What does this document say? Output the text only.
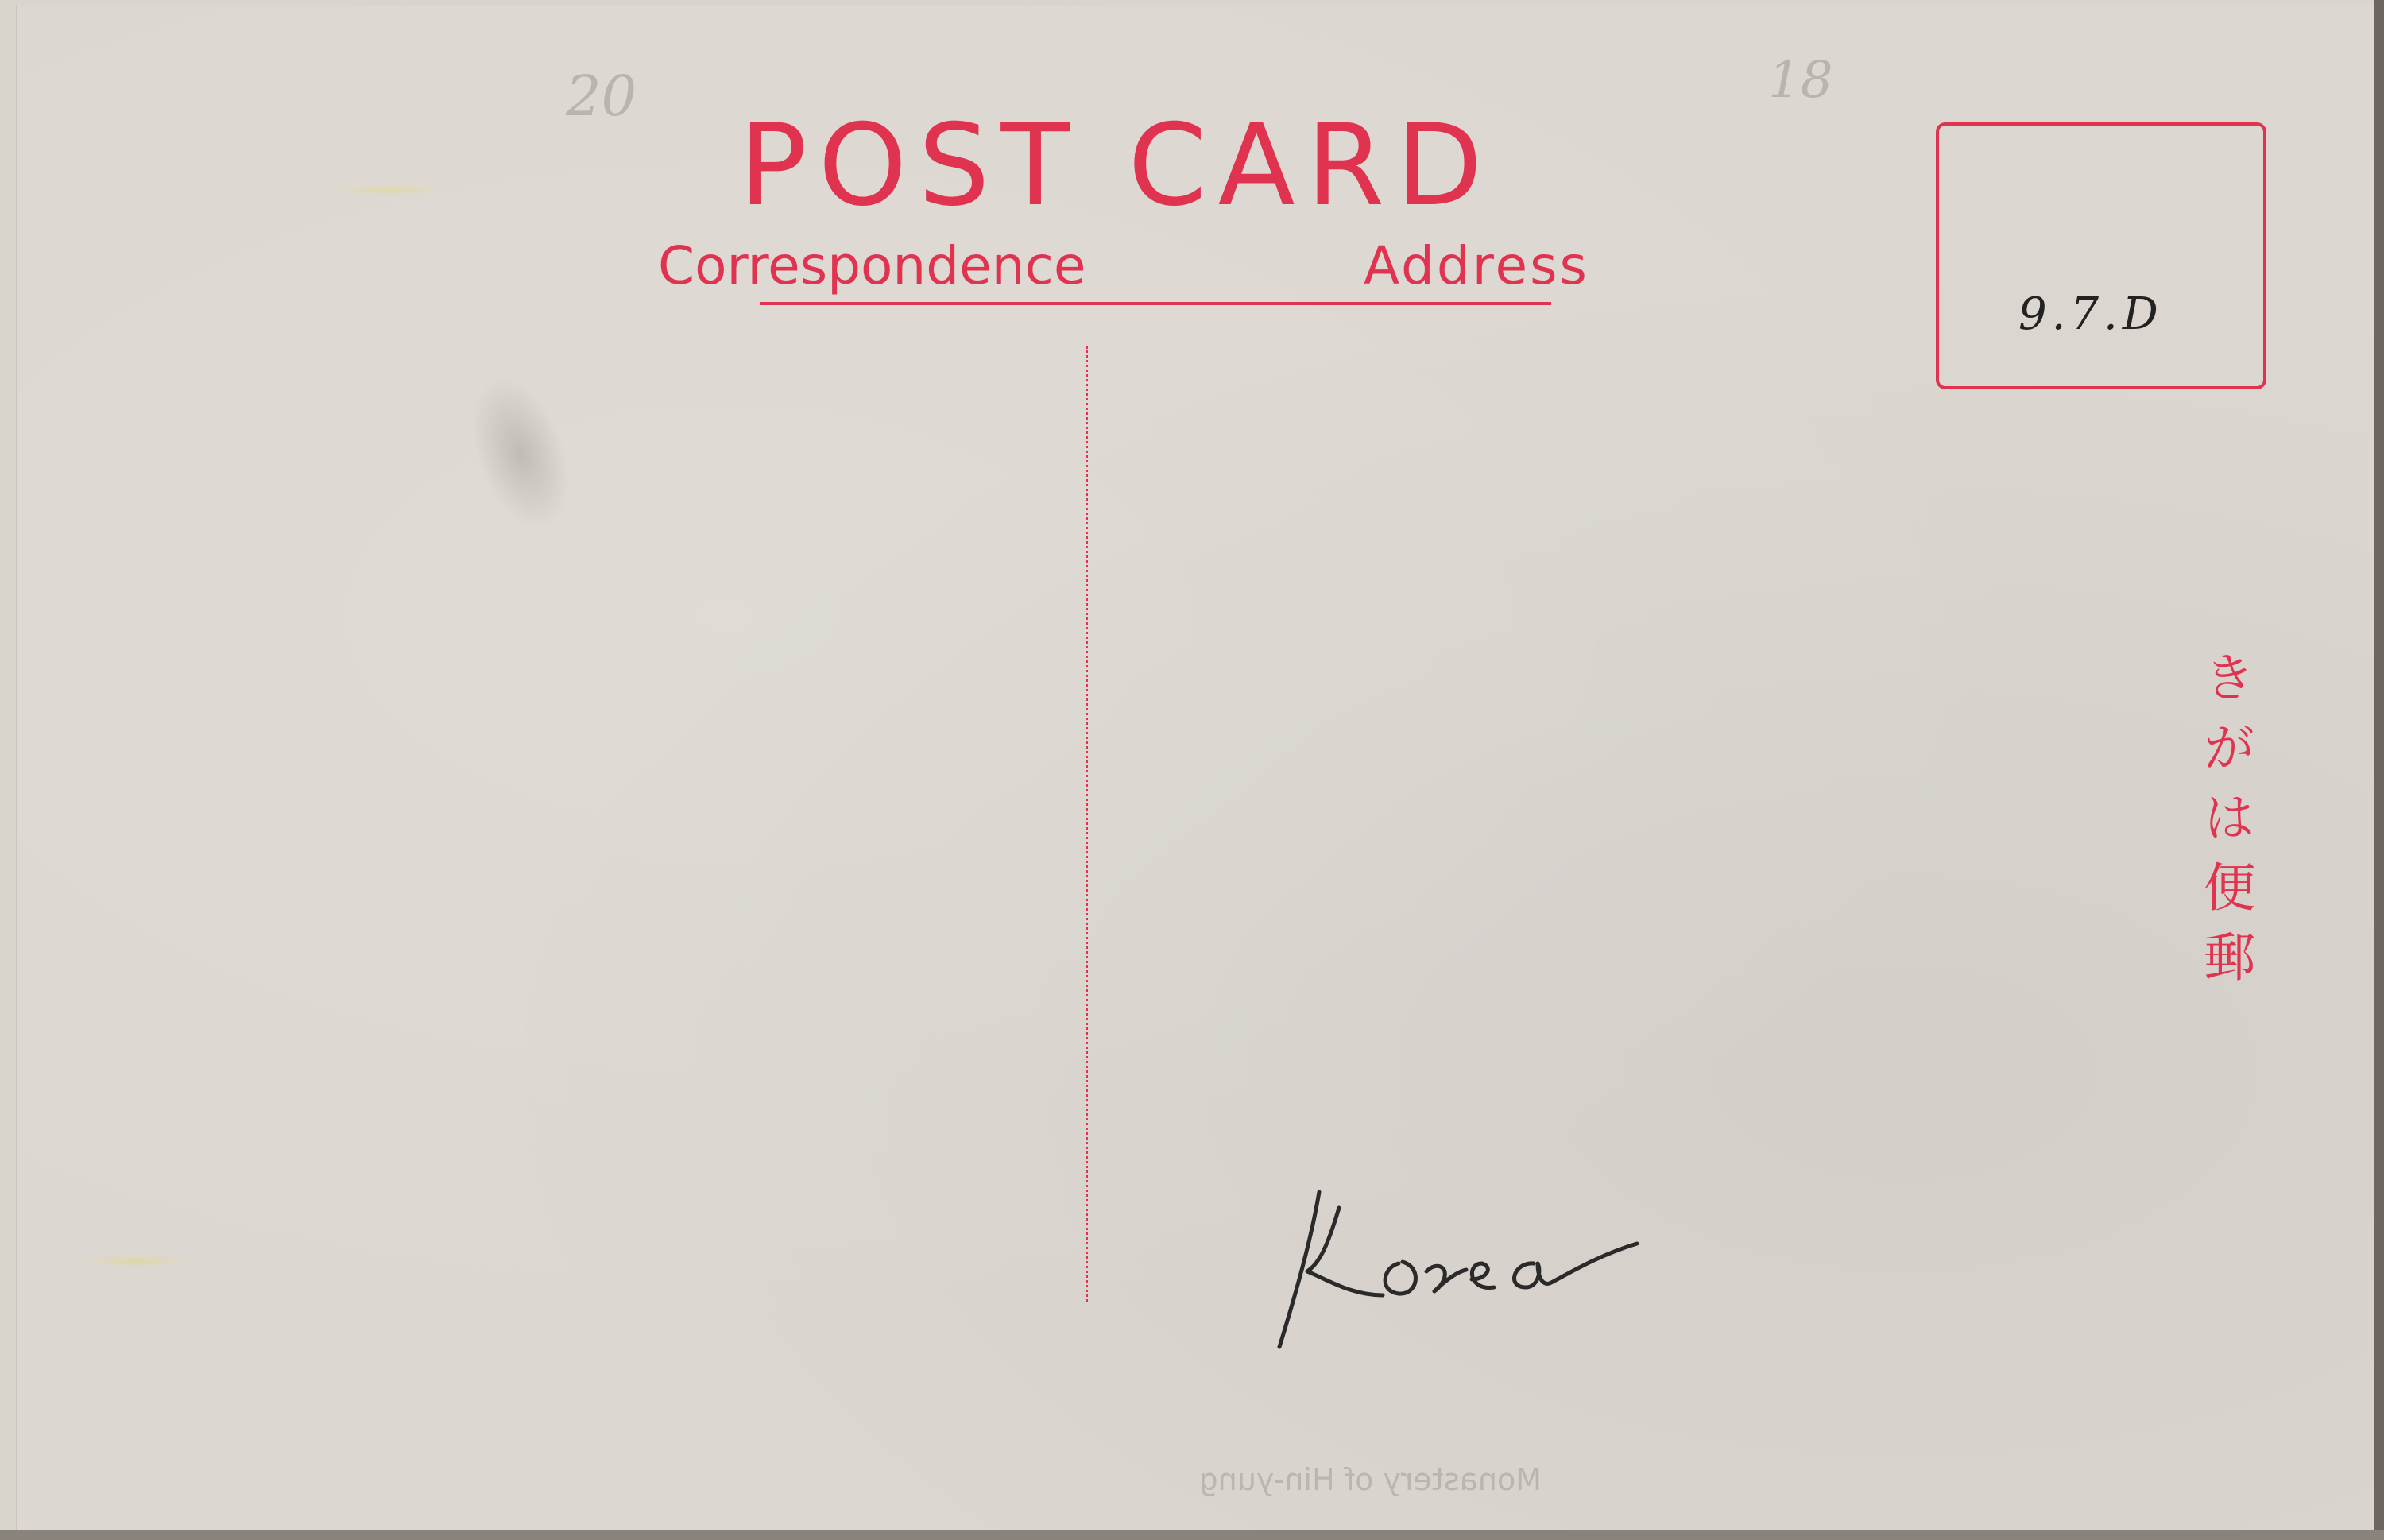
20	18
POST CARD
Correspondence	Address
9.7.D
きがは便郵
Monastery of Hin-yung
